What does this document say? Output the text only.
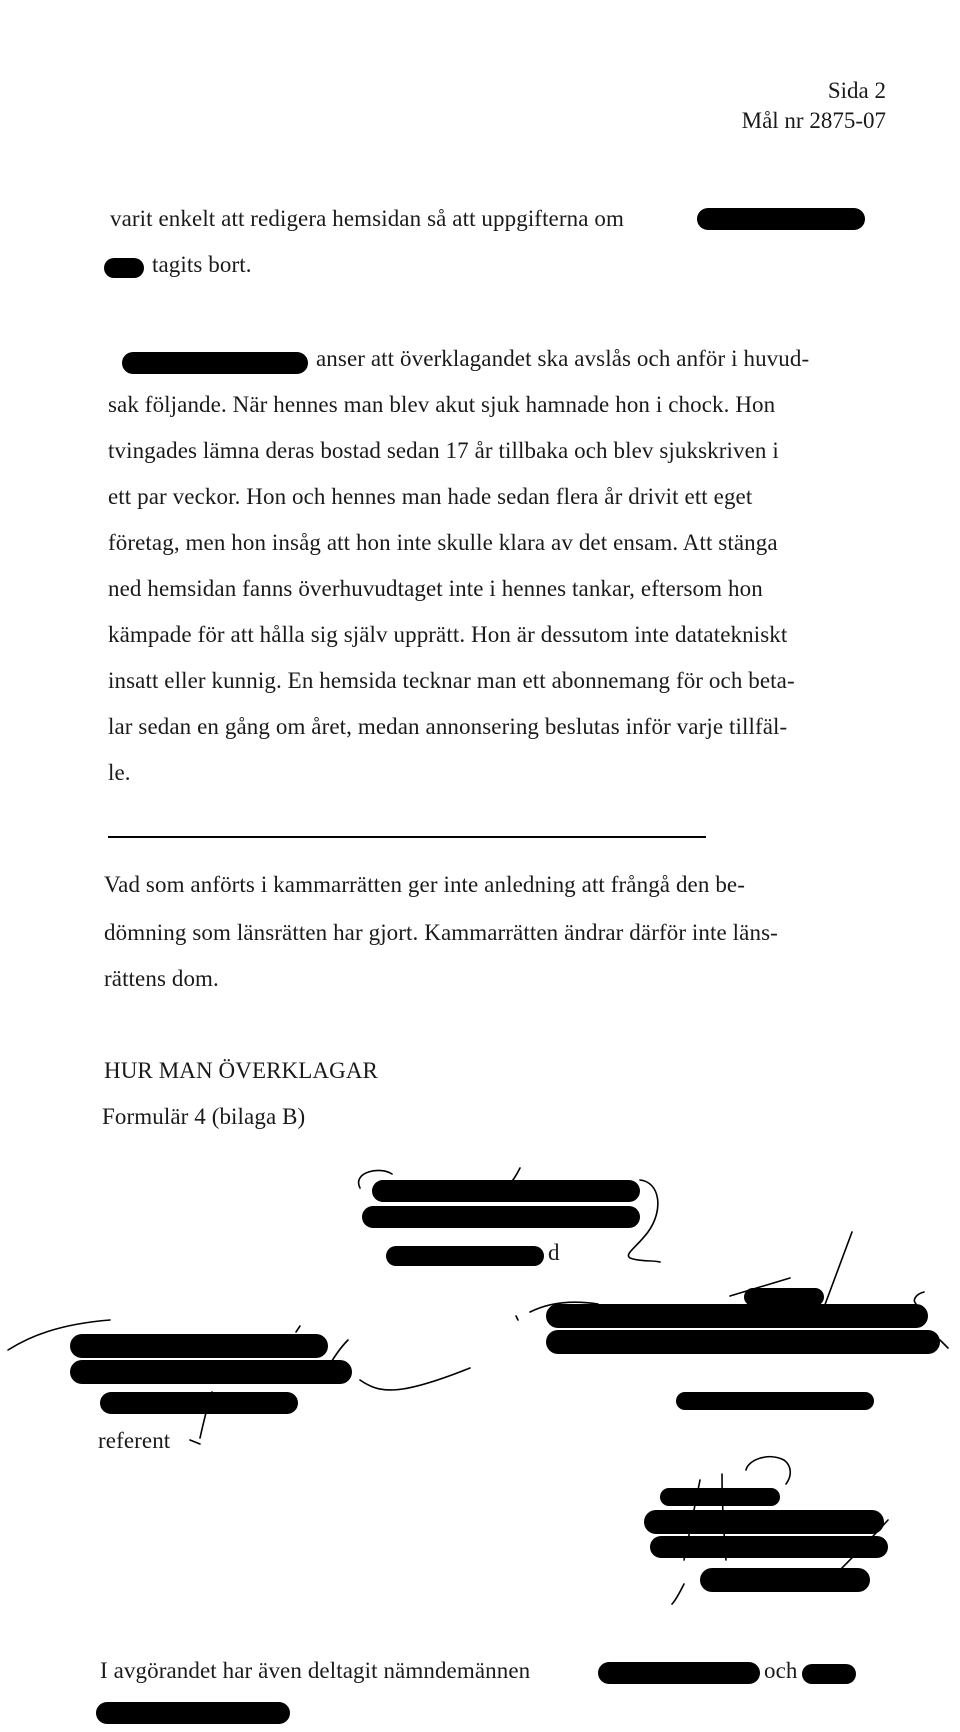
Sida 2
Mål nr 2875-07
varit enkelt att redigera hemsidan så att uppgifterna om
tagits bort.
anser att överklagandet ska avslås och anför i huvud-
sak följande. När hennes man blev akut sjuk hamnade hon i chock. Hon
tvingades lämna deras bostad sedan 17 år tillbaka och blev sjukskriven i
ett par veckor. Hon och hennes man hade sedan flera år drivit ett eget
företag, men hon insåg att hon inte skulle klara av det ensam. Att stänga
ned hemsidan fanns överhuvudtaget inte i hennes tankar, eftersom hon
kämpade för att hålla sig själv upprätt. Hon är dessutom inte datatekniskt
insatt eller kunnig. En hemsida tecknar man ett abonnemang för och beta-
lar sedan en gång om året, medan annonsering beslutas inför varje tillfäl-
le.
Vad som anförts i kammarrätten ger inte anledning att frångå den be-
dömning som länsrätten har gjort. Kammarrätten ändrar därför inte läns-
rättens dom.
HUR MAN ÖVERKLAGAR
Formulär 4 (bilaga B)
d
referent
I avgörandet har även deltagit nämndemännen	och
